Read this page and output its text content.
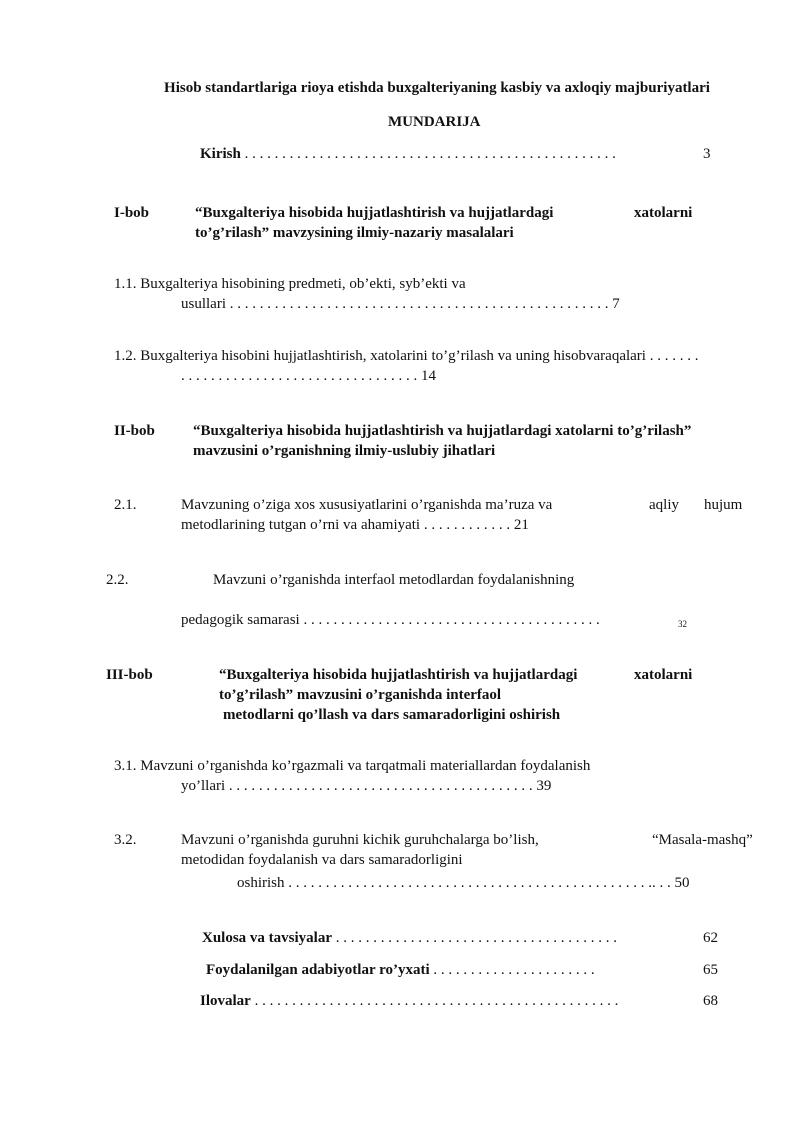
Hisob standartlariga rioya etishda buxgalteriyaning kasbiy va axloqiy majburiyatlari
MUNDARIJA
Kirish . . . . . . . . . . . . . . . . . . . . . . . . . . . . . . . . . . . . . . . . . . . . . . . . . .	3
I-bob	“Buxgalteriya hisobida hujjatlashtirish va hujjatlardagi	xatolarni
to’g’rilash” mavzysining ilmiy-nazariy masalalari
1.1. Buxgalteriya hisobining predmeti, ob’ekti, syb’ekti va
usullari . . . . . . . . . . . . . . . . . . . . . . . . . . . . . . . . . . . . . . . . . . . . . . . . . . . 7
1.2. Buxgalteriya hisobini hujjatlashtirish, xatolarini to’g’rilash va uning hisobvaraqalari . . . . . . .
. . . . . . . . . . . . . . . . . . . . . . . . . . . . . . . . 14
II-bob	“Buxgalteriya hisobida hujjatlashtirish va hujjatlardagi xatolarni to’g’rilash”
mavzusini o’rganishning ilmiy-uslubiy jihatlari
2.1.	Mavzuning o’ziga xos xususiyatlarini o’rganishda ma’ruza va	aqliy hujum
metodlarining tutgan o’rni va ahamiyati . . . . . . . . . . . . 21
2.2.	Mavzuni o’rganishda interfaol metodlardan foydalanishning
pedagogik samarasi . . . . . . . . . . . . . . . . . . . . . . . . . . . . . . . . . . . . . . . .	32
III-bob	“Buxgalteriya hisobida hujjatlashtirish va hujjatlardagi	xatolarni
to’g’rilash” mavzusini o’rganishda interfaol
metodlarni qo’llash va dars samaradorligini oshirish
3.1. Mavzuni o’rganishda ko’rgazmali va tarqatmali materiallardan foydalanish
yo’llari . . . . . . . . . . . . . . . . . . . . . . . . . . . . . . . . . . . . . . . . . 39
3.2.	Mavzuni o’rganishda guruhni kichik guruhchalarga bo’lish,	“Masala-mashq”
metodidan foydalanish va dars samaradorligini
oshirish . . . . . . . . . . . . . . . . . . . . . . . . . . . . . . . . . . . . . . . . . . . . . . . . .. . . 50
Xulosa va tavsiyalar . . . . . . . . . . . . . . . . . . . . . . . . . . . . . . . . . . . . . .	62
Foydalanilgan adabiyotlar ro’yxati . . . . . . . . . . . . . . . . . . . . . .	65
Ilovalar . . . . . . . . . . . . . . . . . . . . . . . . . . . . . . . . . . . . . . . . . . . . . . . . .	68
